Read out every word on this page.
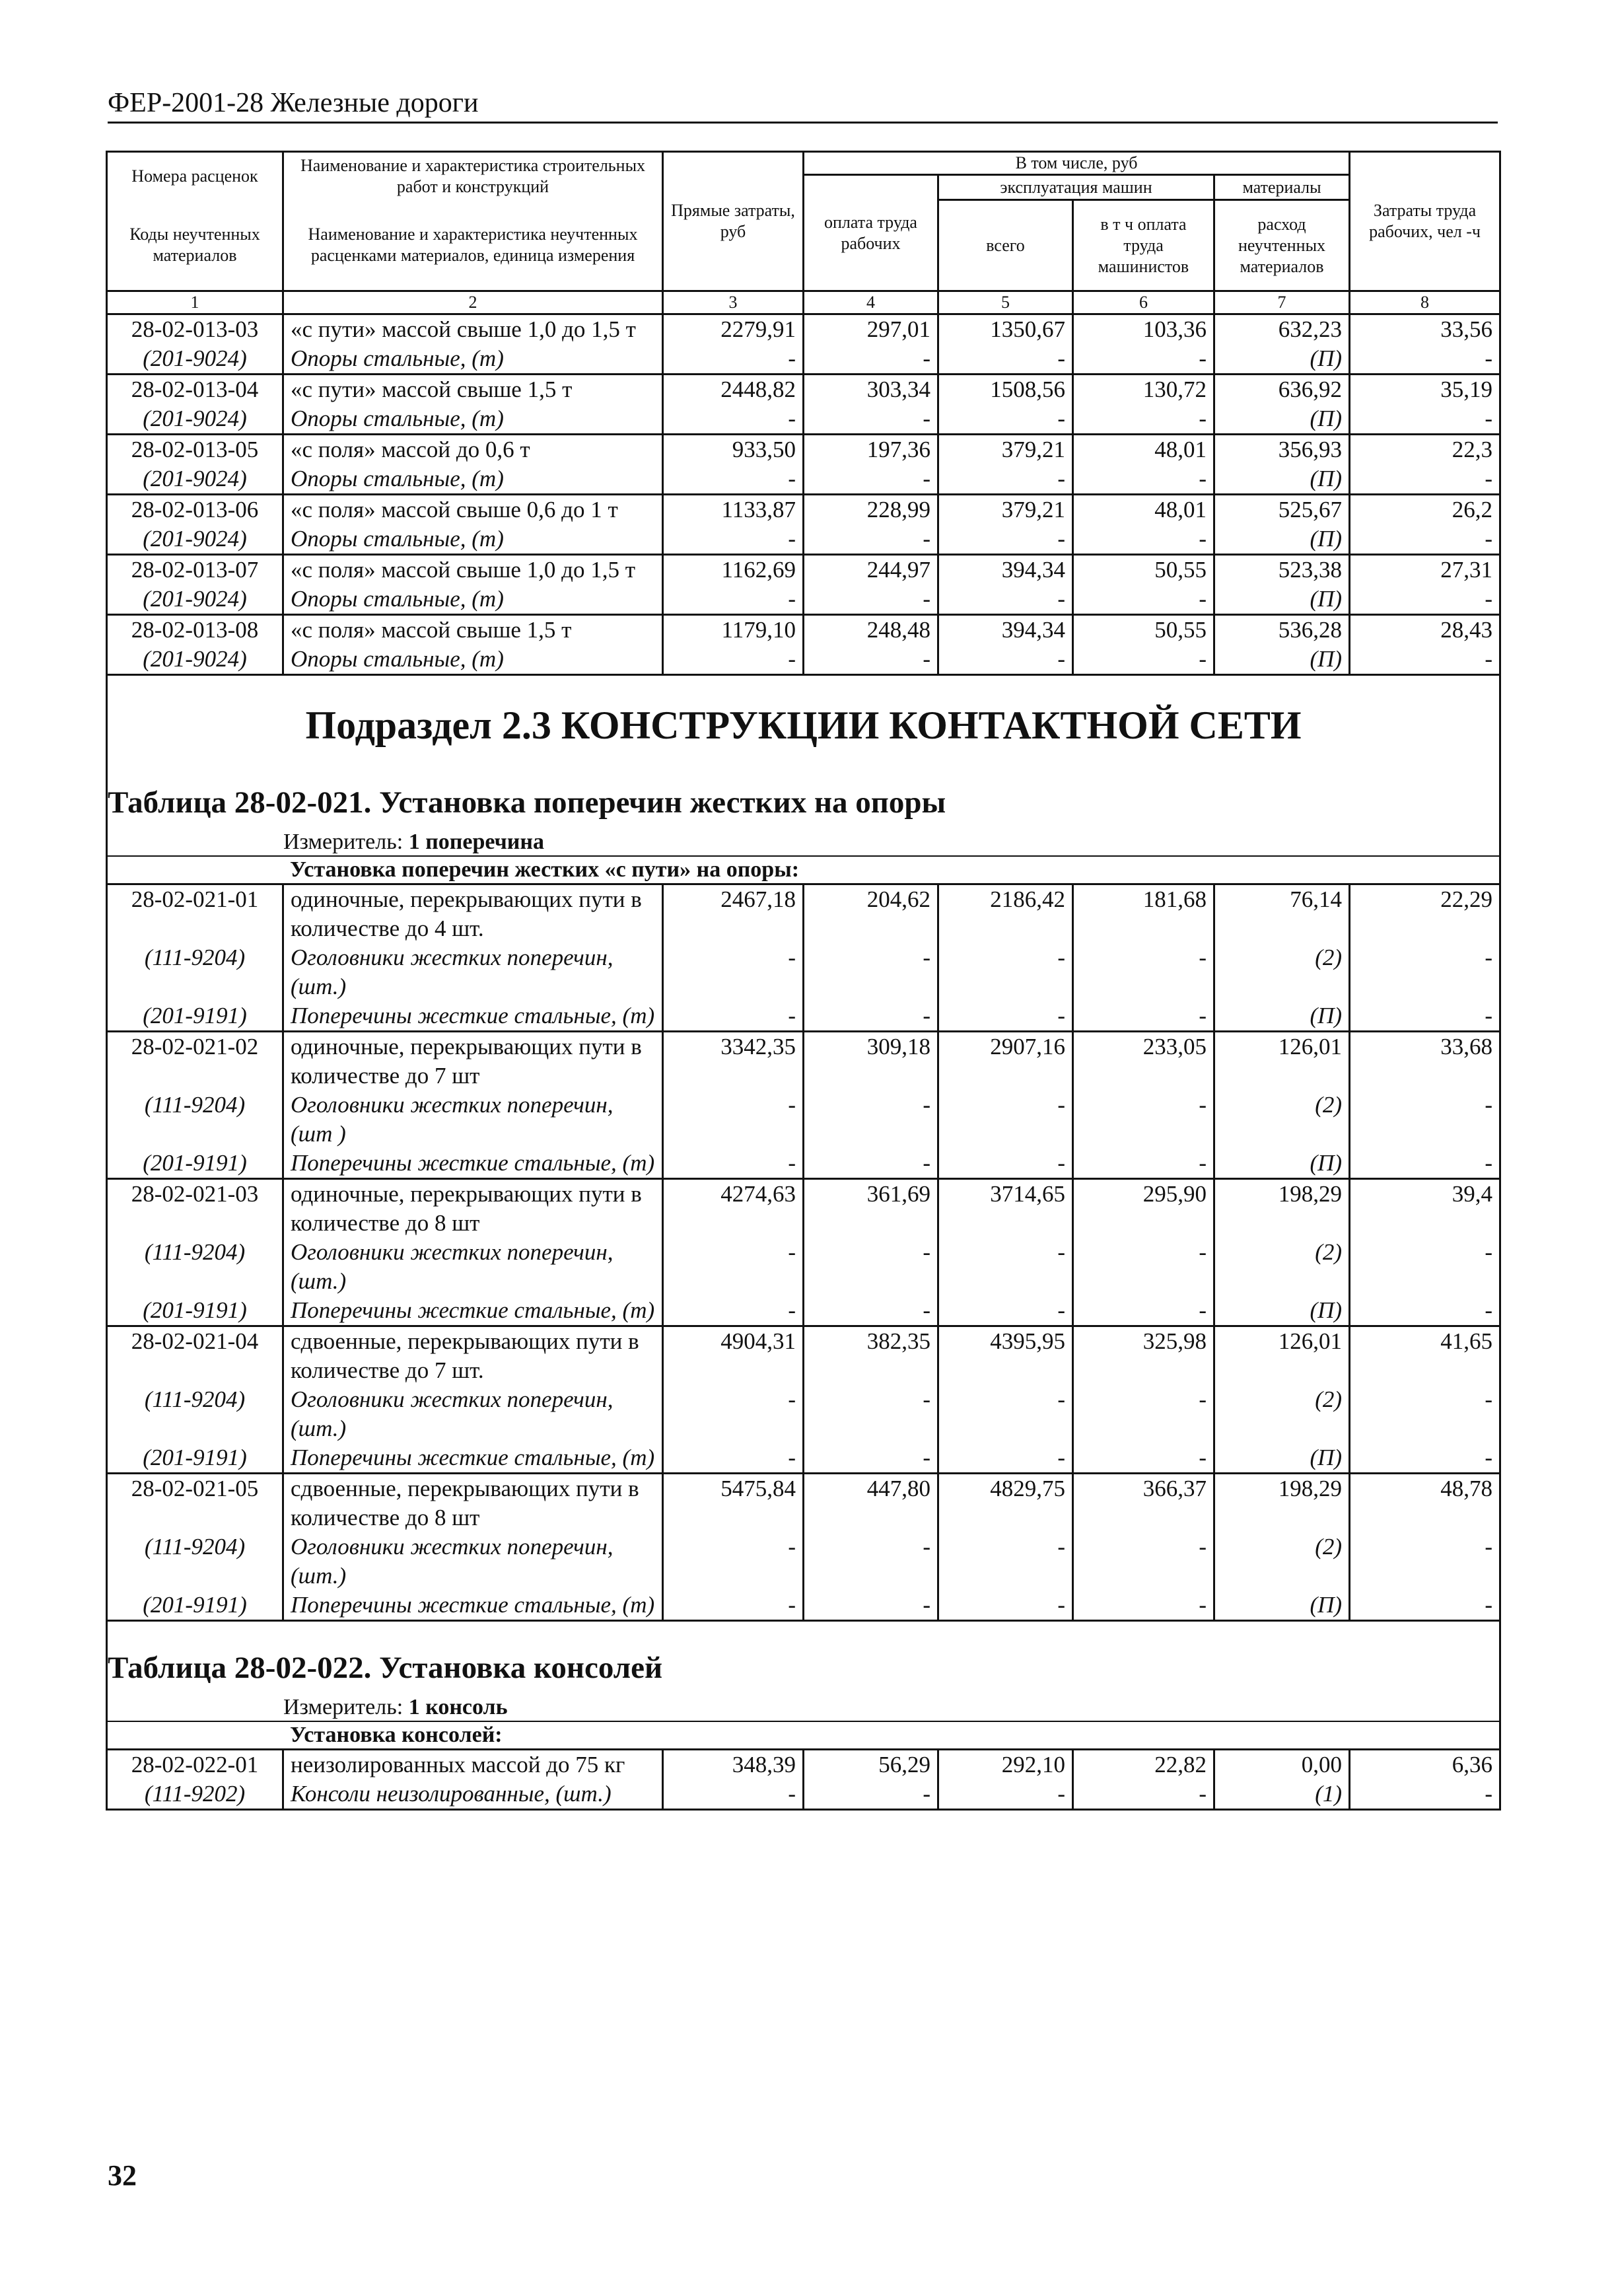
ФЕР-2001-28 Железные дороги
Номера расценок	Наименование и характеристика строительных работ и конструкций	Прямые затраты, руб	В том числе, руб				Затраты труда рабочих, чел -ч
			оплата труда рабочих	эксплуатация машин		материалы	
Коды неучтенных материалов	Наименование и характеристика неучтенных расценками материалов, единица измерения			всего	в т ч оплата труда машинистов	расход неучтенных материалов	

1	2	3	4	5	6	7	8
28-02-013-03	«с пути» массой свыше 1,0 до 1,5 т	2279,91	297,01	1350,67	103,36	632,23	33,56
(201-9024)	Опоры стальные, (т)	-	-	-	-	(П)	-
28-02-013-04	«с пути» массой свыше 1,5 т	2448,82	303,34	1508,56	130,72	636,92	35,19
(201-9024)	Опоры стальные, (т)	-	-	-	-	(П)	-
28-02-013-05	«с поля» массой до 0,6 т	933,50	197,36	379,21	48,01	356,93	22,3
(201-9024)	Опоры стальные, (т)	-	-	-	-	(П)	-
28-02-013-06	«с поля» массой свыше 0,6 до 1 т	1133,87	228,99	379,21	48,01	525,67	26,2
(201-9024)	Опоры стальные, (т)	-	-	-	-	(П)	-
28-02-013-07	«с поля» массой свыше 1,0 до 1,5 т	1162,69	244,97	394,34	50,55	523,38	27,31
(201-9024)	Опоры стальные, (т)	-	-	-	-	(П)	-
28-02-013-08	«с поля» массой свыше 1,5 т	1179,10	248,48	394,34	50,55	536,28	28,43
(201-9024)	Опоры стальные, (т)	-	-	-	-	(П)	-

Подраздел 2.3 КОНСТРУКЦИИ КОНТАКТНОЙ СЕТИ
Таблица 28-02-021. Установка поперечин жестких на опоры
Измеритель: 1 поперечина							

Установка поперечин жестких «с пути» на опоры:							

28-02-021-01	одиночные, перекрывающих пути в количестве до 4 шт.	2467,18	204,62	2186,42	181,68	76,14	22,29
(111-9204)	Оголовники жестких поперечин, (шт.)	-	-	-	-	(2)	-
(201-9191)	Поперечины жесткие стальные, (т)	-	-	-	-	(П)	-
28-02-021-02	одиночные, перекрывающих пути в количестве до 7 шт	3342,35	309,18	2907,16	233,05	126,01	33,68
(111-9204)	Оголовники жестких поперечин, (шт )	-	-	-	-	(2)	-
(201-9191)	Поперечины жесткие стальные, (т)	-	-	-	-	(П)	-
28-02-021-03	одиночные, перекрывающих пути в количестве до 8 шт	4274,63	361,69	3714,65	295,90	198,29	39,4
(111-9204)	Оголовники жестких поперечин, (шт.)	-	-	-	-	(2)	-
(201-9191)	Поперечины жесткие стальные, (т)	-	-	-	-	(П)	-
28-02-021-04	сдвоенные, перекрывающих пути в количестве до 7 шт.	4904,31	382,35	4395,95	325,98	126,01	41,65
(111-9204)	Оголовники жестких поперечин, (шт.)	-	-	-	-	(2)	-
(201-9191)	Поперечины жесткие стальные, (т)	-	-	-	-	(П)	-
28-02-021-05	сдвоенные, перекрывающих пути в количестве до 8 шт	5475,84	447,80	4829,75	366,37	198,29	48,78
(111-9204)	Оголовники жестких поперечин, (шт.)	-	-	-	-	(2)	-
(201-9191)	Поперечины жесткие стальные, (т)	-	-	-	-	(П)	-

Таблица 28-02-022. Установка консолей
Измеритель: 1 консоль							

Установка консолей:							

28-02-022-01	неизолированных массой до 75 кг	348,39	56,29	292,10	22,82	0,00	6,36
(111-9202)	Консоли неизолированные, (шт.)	-	-	-	-	(1)	-
32
